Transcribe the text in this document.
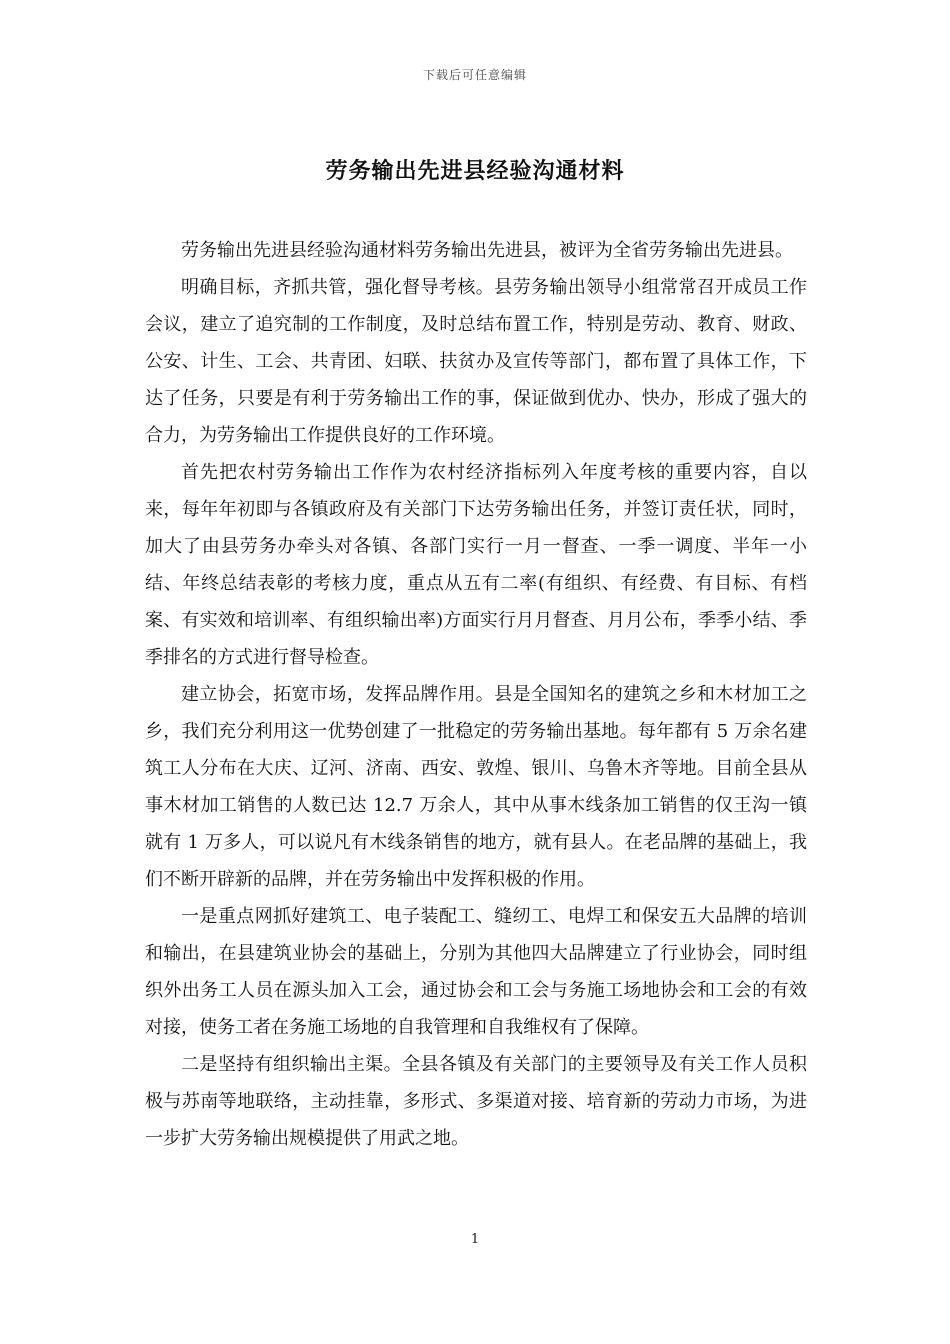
下载后可任意编辑
劳务输出先进县经验沟通材料

劳务输出先进县经验沟通材料劳务输出先进县，被评为全省劳务输出先进县。

明确目标，齐抓共管，强化督导考核。县劳务输出领导小组常常召开成员工作会议，建立了追究制的工作制度，及时总结布置工作，特别是劳动、教育、财政、公安、计生、工会、共青团、妇联、扶贫办及宣传等部门，都布置了具体工作，下达了任务，只要是有利于劳务输出工作的事，保证做到优办、快办，形成了强大的合力，为劳务输出工作提供良好的工作环境。

首先把农村劳务输出工作作为农村经济指标列入年度考核的重要内容，自以来，每年年初即与各镇政府及有关部门下达劳务输出任务，并签订责任状，同时，加大了由县劳务办牵头对各镇、各部门实行一月一督查、一季一调度、半年一小结、年终总结表彰的考核力度，重点从五有二率(有组织、有经费、有目标、有档案、有实效和培训率、有组织输出率)方面实行月月督查、月月公布，季季小结、季季排名的方式进行督导检查。

建立协会，拓宽市场，发挥品牌作用。县是全国知名的建筑之乡和木材加工之乡，我们充分利用这一优势创建了一批稳定的劳务输出基地。每年都有 5 万余名建筑工人分布在大庆、辽河、济南、西安、敦煌、银川、乌鲁木齐等地。目前全县从事木材加工销售的人数已达 12.7 万余人，其中从事木线条加工销售的仅王沟一镇就有 1 万多人，可以说凡有木线条销售的地方，就有县人。在老品牌的基础上，我们不断开辟新的品牌，并在劳务输出中发挥积极的作用。

一是重点网抓好建筑工、电子装配工、缝纫工、电焊工和保安五大品牌的培训和输出，在县建筑业协会的基础上，分别为其他四大品牌建立了行业协会，同时组织外出务工人员在源头加入工会，通过协会和工会与务施工场地协会和工会的有效对接，使务工者在务施工场地的自我管理和自我维权有了保障。

二是坚持有组织输出主渠。全县各镇及有关部门的主要领导及有关工作人员积极与苏南等地联络，主动挂靠，多形式、多渠道对接、培育新的劳动力市场，为进一步扩大劳务输出规模提供了用武之地。

1
